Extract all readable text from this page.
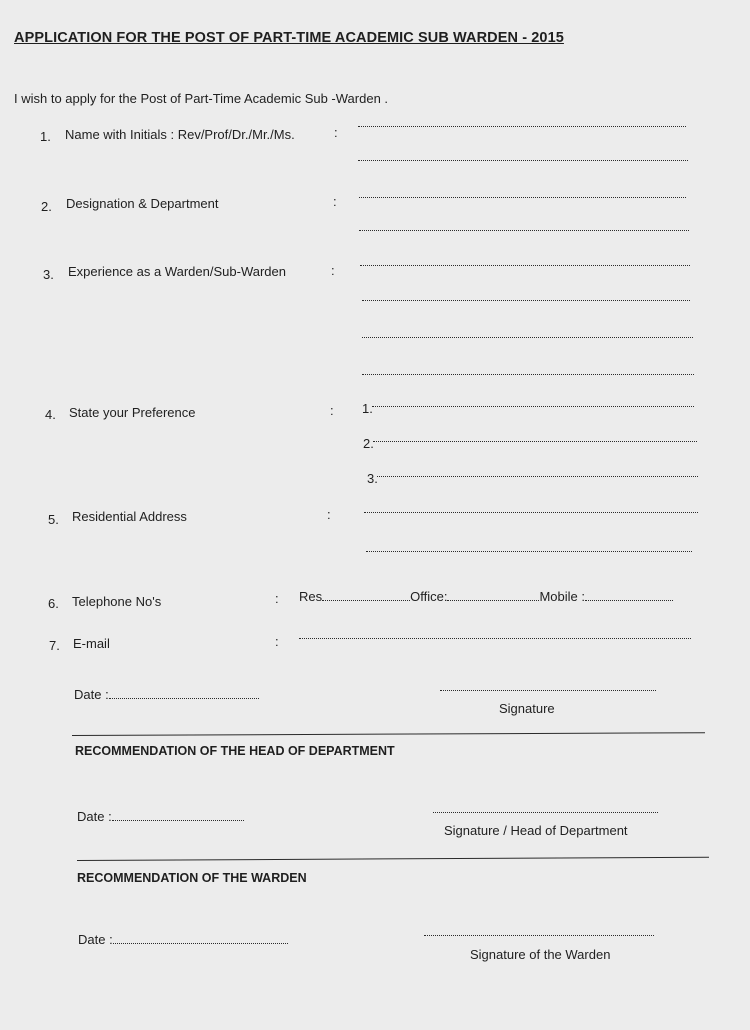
APPLICATION FOR THE POST OF PART-TIME ACADEMIC SUB WARDEN - 2015
I wish to apply for the Post of Part-Time Academic Sub -Warden .
1. Name with Initials : Rev/Prof/Dr./Mr./Ms.	:
2. Designation & Department	:
3. Experience as a Warden/Sub-Warden	:
4. State your Preference	: 1.
2.
3.
5. Residential Address	:
6. Telephone No's	: Res	Office:	Mobile :
7. E-mail	:
Date :
Signature
RECOMMENDATION OF THE HEAD OF DEPARTMENT
Date :
Signature / Head of Department
RECOMMENDATION OF THE WARDEN
Date :
Signature of the Warden
